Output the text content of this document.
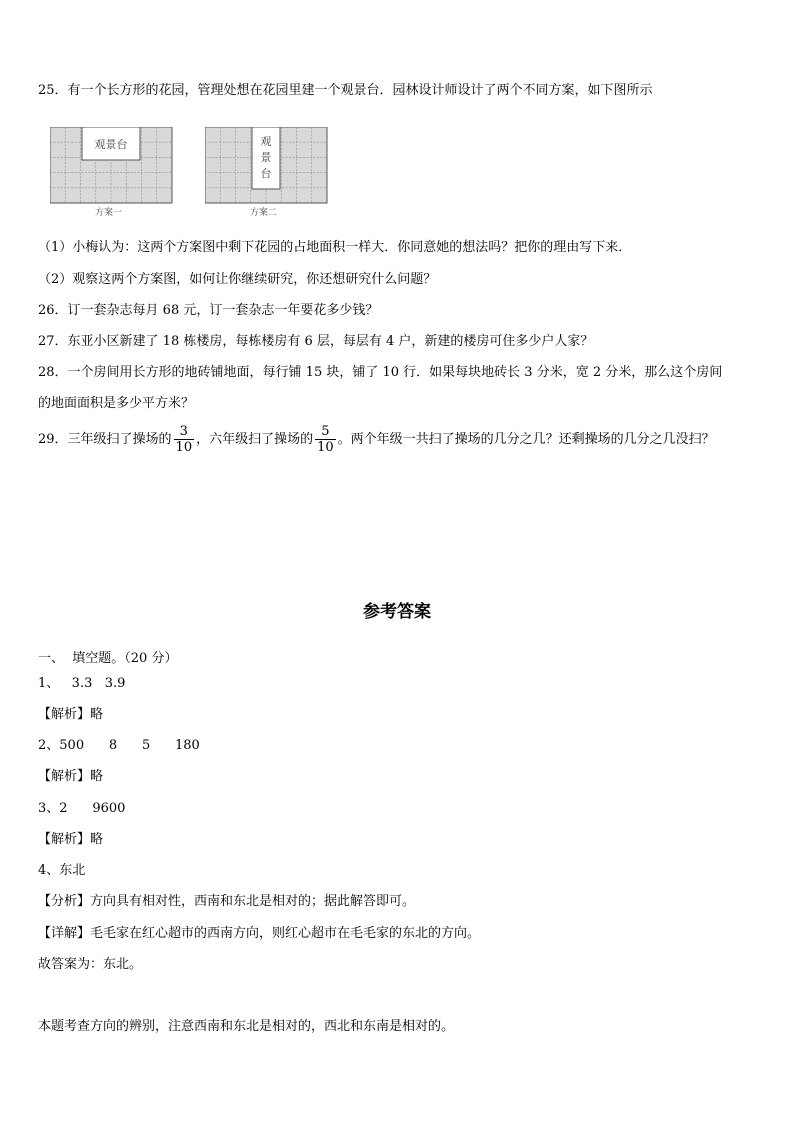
25．有一个长方形的花园，管理处想在花园里建一个观景台．园林设计师设计了两个不同方案，如下图所示
观景台
方案一
观
景
台
方案二
（1）小梅认为：这两个方案图中剩下花园的占地面积一样大．你同意她的想法吗？把你的理由写下来．
（2）观察这两个方案图，如何让你继续研究，你还想研究什么问题？
26．订一套杂志每月 68 元，订一套杂志一年要花多少钱？
27．东亚小区新建了 18 栋楼房，每栋楼房有 6 层，每层有 4 户，新建的楼房可住多少户人家？
28．一个房间用长方形的地砖铺地面，每行铺 15 块，铺了 10 行．如果每块地砖长 3 分米，宽 2 分米，那么这个房间
的地面面积是多少平方米？
29．三年级扫了操场的 $\frac{3}{10}$ ，六年级扫了操场的 $\frac{5}{10}$ 。两个年级一共扫了操场的几分之几？还剩操场的几分之几没扫？
参考答案
一、  填空题。（20 分）
1、   3.3   3.9
【解析】略
2、500      8      5      180
【解析】略
3、2      9600
【解析】略
4、东北
【分析】方向具有相对性，西南和东北是相对的；据此解答即可。
【详解】毛毛家在红心超市的西南方向，则红心超市在毛毛家的东北的方向。
故答案为：东北。
本题考查方向的辨别，注意西南和东北是相对的，西北和东南是相对的。
